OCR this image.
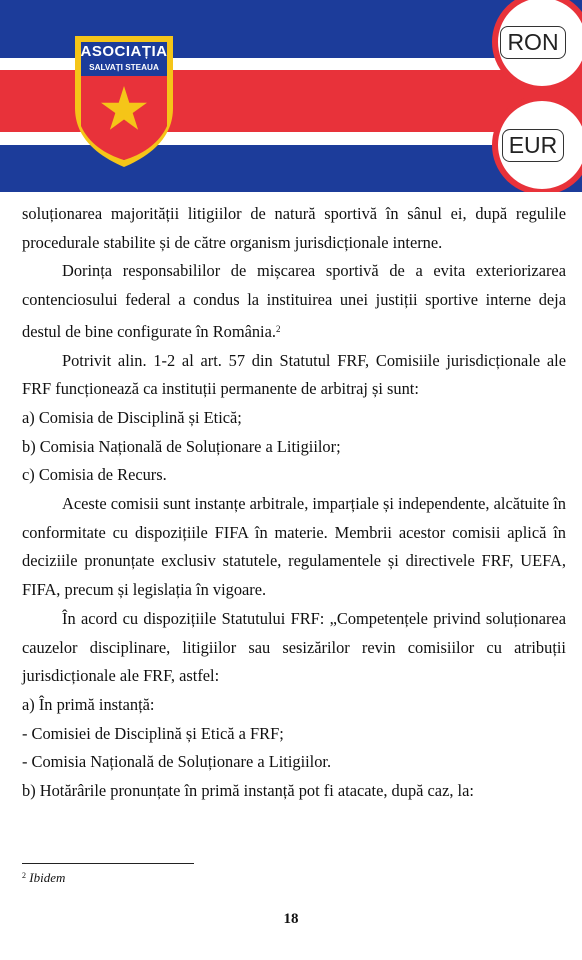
ASOCIAȚIA
SALVAȚI STEAUA
RON
EUR

soluționarea majorității litigiilor de natură sportivă în sânul ei, după regulile procedurale stabilite și de către organism jurisdicționale interne.

Dorința responsabililor de mișcarea sportivă de a evita exteriorizarea contenciosului federal a condus la instituirea unei justiții sportive interne deja destul de bine configurate în România.$^2$

Potrivit alin. 1-2 al art. 57 din Statutul FRF, Comisiile jurisdicționale ale FRF funcționează ca instituții permanente de arbitraj și sunt:

a) Comisia de Disciplină și Etică;

b) Comisia Națională de Soluționare a Litigiilor;

c) Comisia de Recurs.

Aceste comisii sunt instanțe arbitrale, imparțiale și independente, alcătuite în conformitate cu dispozițiile FIFA în materie. Membrii acestor comisii aplică în deciziile pronunțate exclusiv statutele, regulamentele și directivele FRF, UEFA, FIFA, precum și legislația în vigoare.

În acord cu dispozițiile Statutului FRF: „Competențele privind soluționarea cauzelor disciplinare, litigiilor sau sesizărilor revin comisiilor cu atribuții jurisdicționale ale FRF, astfel:

a) În primă instanță:

- Comisiei de Disciplină și Etică a FRF;

- Comisia Națională de Soluționare a Litigiilor.

b) Hotărârile pronunțate în primă instanță pot fi atacate, după caz, la:

$^2$ Ibidem
18
